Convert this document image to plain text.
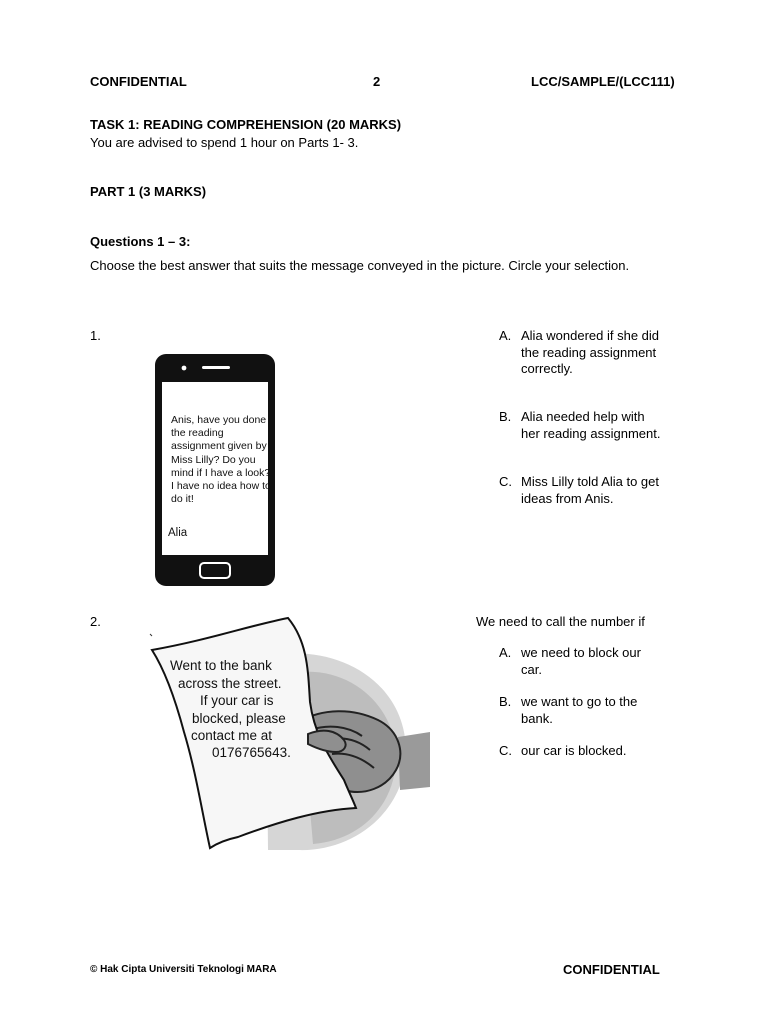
CONFIDENTIAL	2	LCC/SAMPLE/(LCC111)
TASK 1: READING COMPREHENSION (20 MARKS)
You are advised to spend 1 hour on Parts 1- 3.
PART 1 (3 MARKS)
Questions 1 – 3:
Choose the best answer that suits the message conveyed in the picture. Circle your selection.
1.
Anis, have you done the reading assignment given by Miss Lilly? Do you mind if I have a look? I have no idea how to do it!
Alia
A. Alia wondered if she did the reading assignment correctly.
B. Alia needed help with her reading assignment.
C. Miss Lilly told Alia to get ideas from Anis.
2.
Went to the bank
across the street.
If your car is
blocked, please
contact me at
0176765643.
We need to call the number if
A. we need to block our car.
B. we want to go to the bank.
C. our car is blocked.
© Hak Cipta Universiti Teknologi MARA	CONFIDENTIAL
